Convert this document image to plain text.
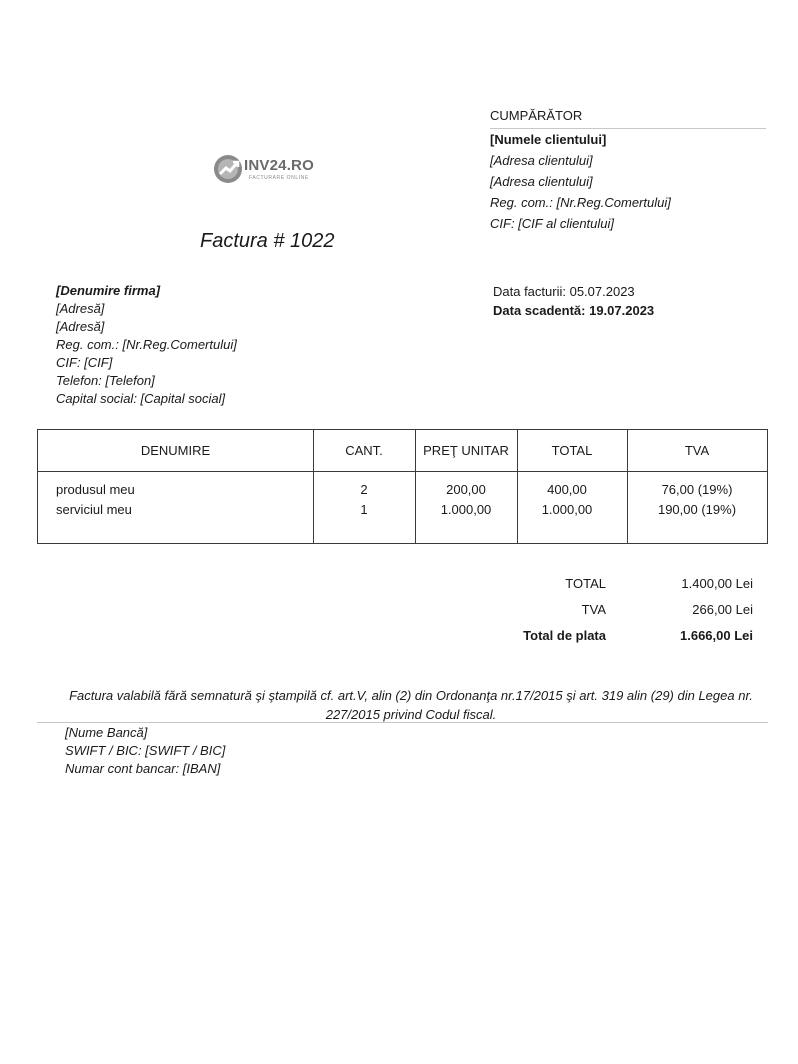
CUMPĂRĂTOR
[Numele clientului]
[Adresa clientului]
[Adresa clientului]
Reg. com.: [Nr.Reg.Comertului]
CIF: [CIF al clientului]
INV24.RO
FACTURARE ONLINE
Factura # 1022
[Denumire firma]
[Adresă]
[Adresă]
Reg. com.: [Nr.Reg.Comertului]
CIF: [CIF]
Telefon: [Telefon]
Capital social: [Capital social]
Data facturii: 05.07.2023
Data scadentă: 19.07.2023
DENUMIRE	CANT.	PREŢ UNITAR	TOTAL	TVA
produsul meu	2	200,00	400,00	76,00 (19%)
serviciul meu	1	1.000,00	1.000,00	190,00 (19%)
TOTAL	1.400,00 Lei
TVA	266,00 Lei
Total de plata	1.666,00 Lei
Factura valabilă fără semnatură şi ştampilă cf. art.V, alin (2) din Ordonanţa nr.17/2015 şi art. 319 alin (29) din Legea nr. 227/2015 privind Codul fiscal.
[Nume Bancă]
SWIFT / BIC: [SWIFT / BIC]
Numar cont bancar: [IBAN]
